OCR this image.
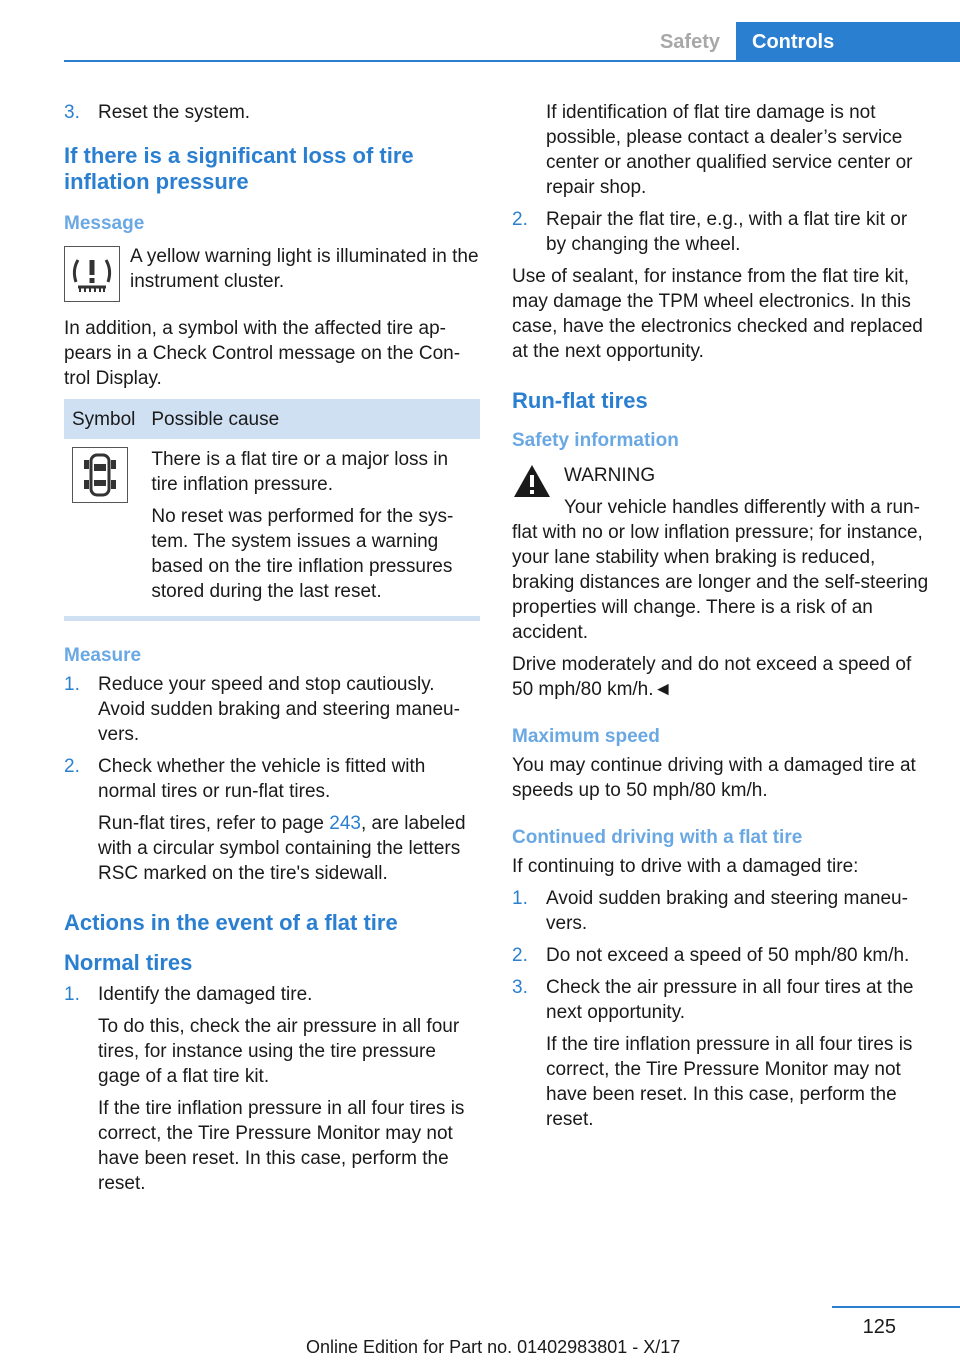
Safety	Controls
3. Reset the system.
If there is a significant loss of tire inflation pressure
Message
A yellow warning light is illuminated in the instrument cluster.

In addition, a symbol with the affected tire appears in a Check Control message on the Control Display.

Symbol	Possible cause

There is a flat tire or a major loss in tire inflation pressure.

No reset was performed for the system. The system issues a warning based on the tire inflation pressures stored during the last reset.

Measure
1. Reduce your speed and stop cautiously. Avoid sudden braking and steering maneuvers.
2. Check whether the vehicle is fitted with normal tires or run-flat tires.
Run-flat tires, refer to page 243, are labeled with a circular symbol containing the letters RSC marked on the tire's sidewall.
Actions in the event of a flat tire
Normal tires
1. Identify the damaged tire.
To do this, check the air pressure in all four tires, for instance using the tire pressure gage of a flat tire kit.
If the tire inflation pressure in all four tires is correct, the Tire Pressure Monitor may not have been reset. In this case, perform the reset.
If identification of flat tire damage is not possible, please contact a dealer’s service center or another qualified service center or repair shop.
2. Repair the flat tire, e.g., with a flat tire kit or by changing the wheel.

Use of sealant, for instance from the flat tire kit, may damage the TPM wheel electronics. In this case, have the electronics checked and replaced at the next opportunity.

Run-flat tires
Safety information
WARNING

Your vehicle handles differently with a run-flat with no or low inflation pressure; for instance, your lane stability when braking is reduced, braking distances are longer and the self-steering properties will change. There is a risk of an accident.

Drive moderately and do not exceed a speed of 50 mph/80 km/h.◄

Maximum speed

You may continue driving with a damaged tire at speeds up to 50 mph/80 km/h.

Continued driving with a flat tire

If continuing to drive with a damaged tire:

1. Avoid sudden braking and steering maneuvers.
2. Do not exceed a speed of 50 mph/80 km/h.
3. Check the air pressure in all four tires at the next opportunity.
If the tire inflation pressure in all four tires is correct, the Tire Pressure Monitor may not have been reset. In this case, perform the reset.
125
Online Edition for Part no. 01402983801 - X/17
